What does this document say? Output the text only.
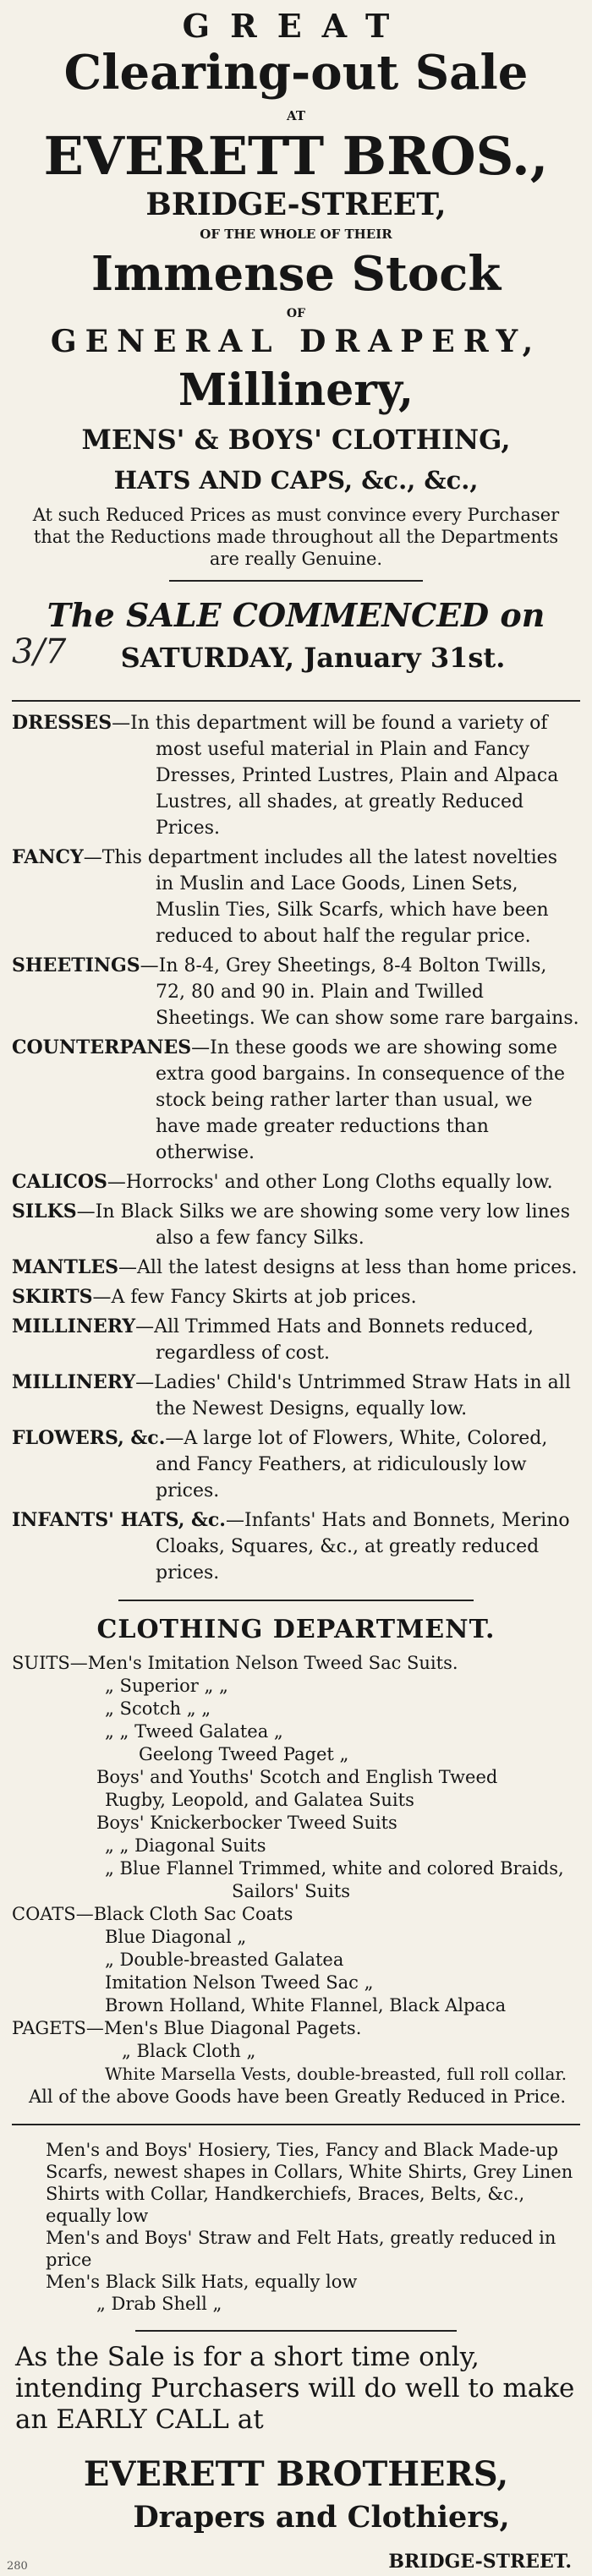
GREAT
Clearing-out Sale
AT
EVERETT BROS.,
BRIDGE-STREET,
OF THE WHOLE OF THEIR
Immense Stock
OF
GENERAL DRAPERY,
Millinery,
MENS' & BOYS' CLOTHING,
HATS AND CAPS, &c., &c.,
At such Reduced Prices as must convince every Purchaser that the Reductions made throughout all the Departments are really Genuine.
The SALE COMMENCED on
SATURDAY, January 31st.
3/7
DRESSES—In this department will be found a variety of most useful material in Plain and Fancy Dresses, Printed Lustres, Plain and Alpaca Lustres, all shades, at greatly Reduced Prices.
FANCY—This department includes all the latest novelties in Muslin and Lace Goods, Linen Sets, Muslin Ties, Silk Scarfs, which have been reduced to about half the regular price.
SHEETINGS—In 8-4, Grey Sheetings, 8-4 Bolton Twills, 72, 80 and 90 in. Plain and Twilled Sheetings. We can show some rare bargains.
COUNTERPANES—In these goods we are showing some extra good bargains. In consequence of the stock being rather larter than usual, we have made greater reductions than otherwise.
CALICOS—Horrocks' and other Long Cloths equally low.
SILKS—In Black Silks we are showing some very low lines also a few fancy Silks.
MANTLES—All the latest designs at less than home prices.
SKIRTS—A few Fancy Skirts at job prices.
MILLINERY—All Trimmed Hats and Bonnets reduced, regardless of cost.
MILLINERY—Ladies' Child's Untrimmed Straw Hats in all the Newest Designs, equally low.
FLOWERS, &c.—A large lot of Flowers, White, Colored, and Fancy Feathers, at ridiculously low prices.
INFANTS' HATS, &c.—Infants' Hats and Bonnets, Merino Cloaks, Squares, &c., at greatly reduced prices.
CLOTHING DEPARTMENT.
SUITS—Men's Imitation Nelson Tweed Sac Suits.
„ Superior „ „
„ Scotch „ „
„ „ Tweed Galatea „
Geelong Tweed Paget „
Boys' and Youths' Scotch and English Tweed
Rugby, Leopold, and Galatea Suits
Boys' Knickerbocker Tweed Suits
„ „ Diagonal Suits
„ Blue Flannel Trimmed, white and colored Braids,
Sailors' Suits
COATS—Black Cloth Sac Coats
Blue Diagonal „
„ Double-breasted Galatea
Imitation Nelson Tweed Sac „
Brown Holland, White Flannel, Black Alpaca
PAGETS—Men's Blue Diagonal Pagets.
„ Black Cloth „
White Marsella Vests, double-breasted, full roll collar.
All of the above Goods have been Greatly Reduced in Price.
Men's and Boys' Hosiery, Ties, Fancy and Black Made-up Scarfs, newest shapes in Collars, White Shirts, Grey Linen Shirts with Collar, Handkerchiefs, Braces, Belts, &c., equally low
Men's and Boys' Straw and Felt Hats, greatly reduced in price
Men's Black Silk Hats, equally low
„ Drab Shell „
As the Sale is for a short time only, intending Purchasers will do well to make an EARLY CALL at
EVERETT BROTHERS,
Drapers and Clothiers,
BRIDGE-STREET.
280
